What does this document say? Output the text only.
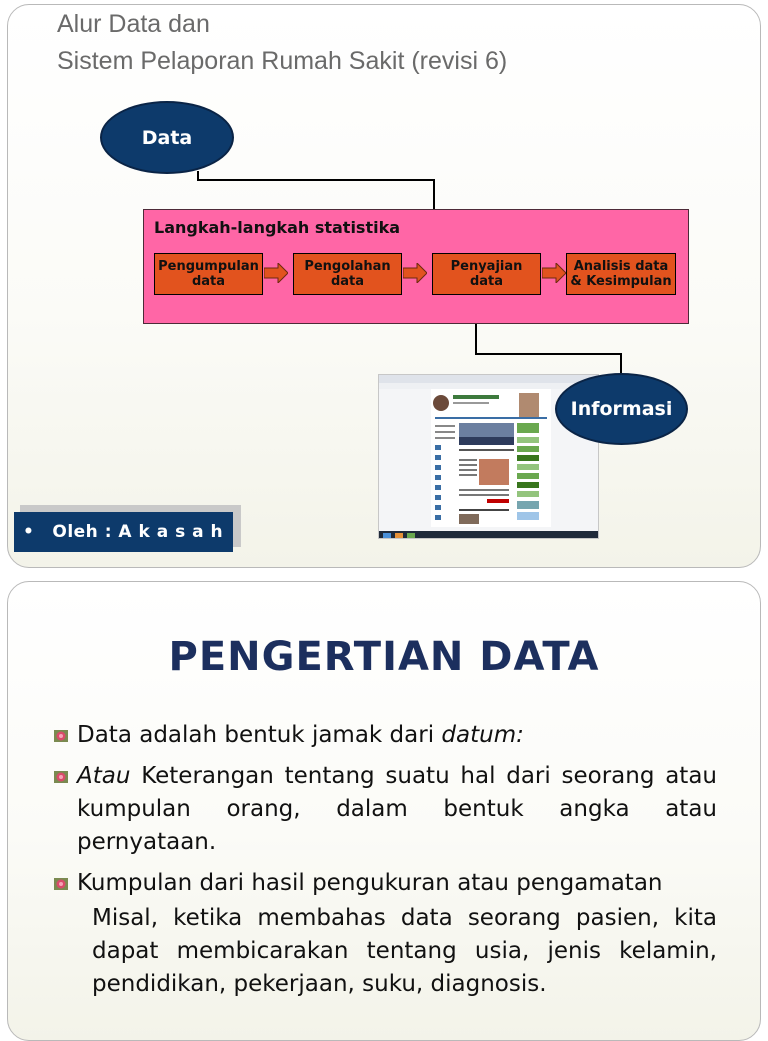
Alur Data dan
Sistem Pelaporan Rumah Sakit (revisi 6)
Data
Langkah-langkah statistika
Pengumpulan
data
Pengolahan
data
Penyajian
data
Analisis data
& Kesimpulan
Informasi
• Oleh : A k a s a h
PENGERTIAN DATA
Data adalah bentuk jamak dari datum:
Atau Keterangan tentang suatu hal dari seorang atau kumpulan orang, dalam bentuk angka atau pernyataan.
Kumpulan dari hasil pengukuran atau pengamatan
Misal, ketika membahas data seorang pasien, kita dapat membicarakan tentang usia, jenis kelamin, pendidikan, pekerjaan, suku, diagnosis.
